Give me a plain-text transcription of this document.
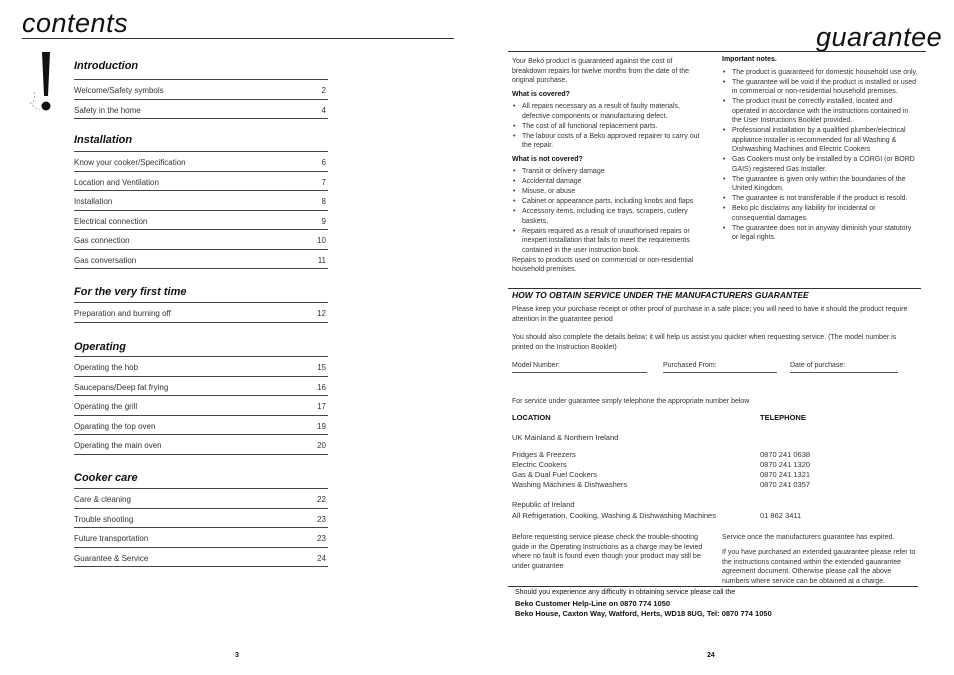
contents
Introduction
Welcome/Safety symbols	2
Safety in the home	4
Installation
Know your cooker/Specification	6
Location and Ventilation	7
Installation	8
Electrical connection	9
Gas connection	10
Gas conversation	11
For the very first time
Preparation and burning off	12
Operating
Operating the hob	15
Saucepans/Deep fat frying	16
Operating the grill	17
Oparating the top oven	19
Operating the main oven	20
Cooker care
Care & cleaning	22
Trouble shooting	23
Future transportation	23
Guarantee & Service	24
3
guarantee

Your Beko product is guaranteed against the cost of breakdown repairs for twelve months from the date of the original purchase.

What is covered?

• All repairs necessary as a result of faulty materials, defective components or manufacturing defect.
• The cost of all functional replacement parts.
• The labour costs of a Beko approved repairer to carry out the repair.

What is not covered?

• Transit or delivery damage
• Accidental damage
• Misuse, or abuse
• Cabinet or appearance parts, including knobs and flaps
• Accessory items, including ice trays, scrapers, cutlery baskets,
• Repairs required as a result of unauthorised repairs or inexpert installation that fails to meet the requirements contained in the user instruction book.

Repairs to products used on commercial or non-residential household premises.

Important notes.

• The product is guaranteed for domestic household use only.
• The guarantee will be void if the product is installed or used in commercial or non-residential household premises.
• The product must be correctly installed, located and operated in accordance with the instructions contained in the User Instructions Booklet provided.
• Professional installation by a qualified plumber/electrical appliance installer is recommended for all Washing & Dishwashing Machines and Electric Cookers
• Gas Cookers must only be installed by a CORGI (or BORD GAIS) registered Gas Installer.
• The guarantee is given only within the boundaries of the United Kingdom.
• The guarantee is not transferable if the product is resold.
• Beko plc disclaims any liability for incidental or consequential damages.
• The guarantee does not in anyway diminish your statutory or legal rights.
HOW TO OBTAIN SERVICE UNDER THE MANUFACTURERS GUARANTEE
Please keep your purchase receipt or other proof of purchase in a safe place; you will need to have it should the product require attention in the guarantee period
You should also complete the details below; it will help us assist you quicker when requesting service. (The model number is printed on the Instruction Booklet)
Model Number:	Purchased From:	Date of purchase:
For service under guarantee simply telephone the appropriate number below
LOCATION	TELEPHONE
UK Mainland & Northern Ireland
Fridges & Freezers	0870 241 0638
Electric Cookers	0870 241 1320
Gas & Dual Fuel Cookers	0870 241 1321
Washing Machines & Dishwashers	0870 241 0357
Republic of Ireland
All Refrigeration, Cooking, Washing & Dishwashing Machines	01 862 3411
Before requesting service please check the trouble-shooting guide in the Operating Instructions as a charge may be levied where no fault is found even though your product may still be under guarantee
Service once the manufacturers guarantee has expired.
If you have purchased an extended gauarantee please refer to the instructions contained within the extended gauarantee agreement document. Otherwise please call the above numbers where service can be obtained at a charge.
Should you experience any difficulty in obtaining service please call the
Beko Customer Help-Line on 0870 774 1050
Beko House, Caxton Way, Watford, Herts, WD18 8UG, Tel: 0870 774 1050
24
